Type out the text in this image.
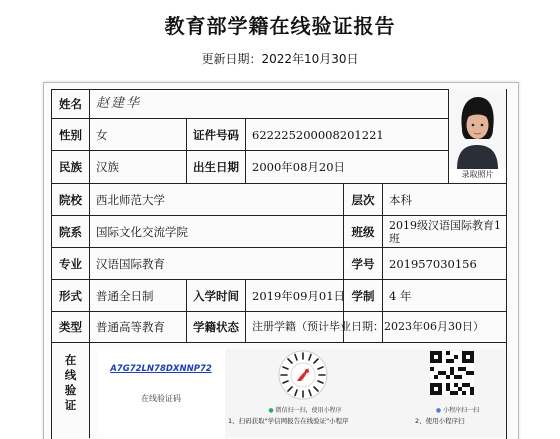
教育部学籍在线验证报告
更新日期：2022年10月30日
姓名	赵建华
性别	女	证件号码	622225200008201221
民族	汉族	出生日期	2000年08月20日
录取照片
院校	西北师范大学	层次	本科
院系	国际文化交流学院	班级	2019级汉语国际教育1班
专业	汉语国际教育	学号	201957030156
形式	普通全日制	入学时间	2019年09月01日 学制	4 年
类型	普通高等教育	学籍状态	注册学籍（预计毕业日期：2023年06月30日）
在
线
验
证
A7G72LN78DXNNP72
在线验证码
● 微信扫一扫，使用小程序
1、扫码获取"学信网报告在线验证"小程序
● 小程序扫一扫
2、使用小程序扫
